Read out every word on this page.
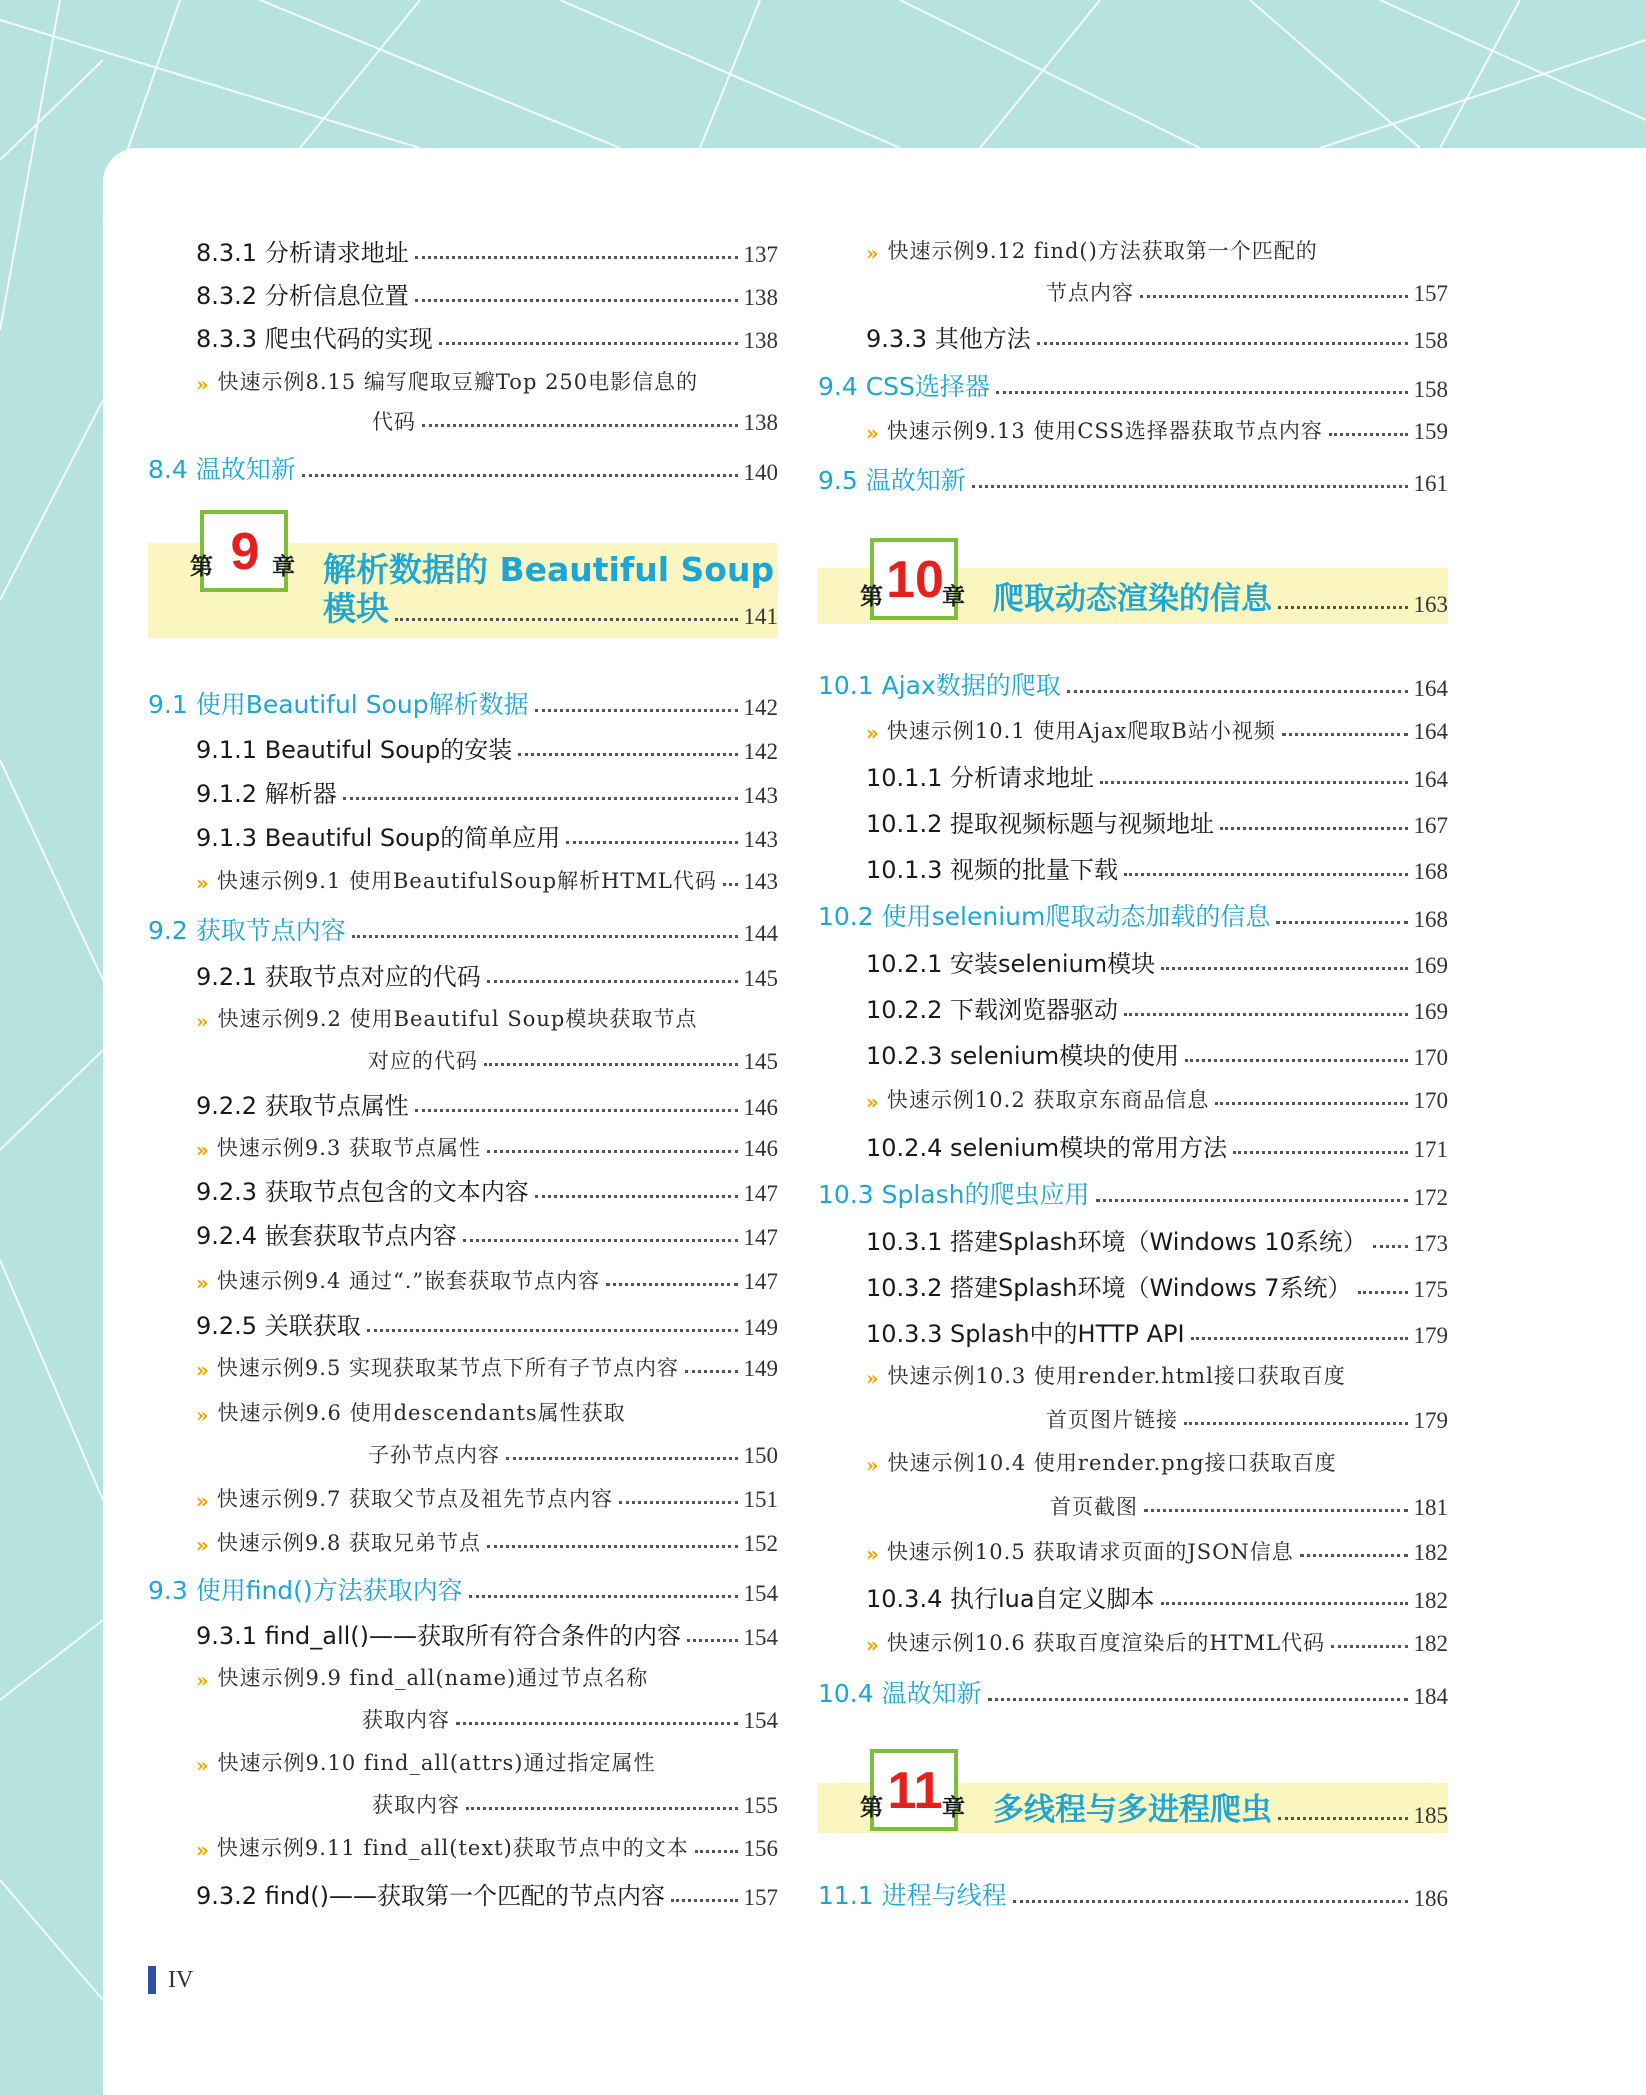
8.3.1 分析请求地址	137
8.3.2 分析信息位置	138
8.3.3 爬虫代码的实现	138
» 快速示例8.15 编写爬取豆瓣Top 250电影信息的
代码	138
8.4 温故知新	140
第 9 章 解析数据的 Beautiful Soup
模块	141
9.1 使用Beautiful Soup解析数据	142
9.1.1 Beautiful Soup的安装	142
9.1.2 解析器	143
9.1.3 Beautiful Soup的简单应用	143
» 快速示例9.1 使用BeautifulSoup解析HTML代码 143
9.2 获取节点内容	144
9.2.1 获取节点对应的代码	145
» 快速示例9.2 使用Beautiful Soup模块获取节点
对应的代码	145
9.2.2 获取节点属性	146
» 快速示例9.3 获取节点属性	146
9.2.3 获取节点包含的文本内容	147
9.2.4 嵌套获取节点内容	147
» 快速示例9.4 通过“.”嵌套获取节点内容	147
9.2.5 关联获取	149
» 快速示例9.5 实现获取某节点下所有子节点内容	149
» 快速示例9.6 使用descendants属性获取
子孙节点内容	150
» 快速示例9.7 获取父节点及祖先节点内容	151
» 快速示例9.8 获取兄弟节点	152
9.3 使用find()方法获取内容	154
9.3.1 find_all()——获取所有符合条件的内容	154
» 快速示例9.9 find_all(name)通过节点名称
获取内容	154
» 快速示例9.10 find_all(attrs)通过指定属性
获取内容	155
» 快速示例9.11 find_all(text)获取节点中的文本 156
9.3.2 find()——获取第一个匹配的节点内容	157
» 快速示例9.12 find()方法获取第一个匹配的
节点内容	157
9.3.3 其他方法	158
9.4 CSS选择器	158
» 快速示例9.13 使用CSS选择器获取节点内容	159
9.5 温故知新	161
第 10
章 爬取动态渲染的信息	163
10.1 Ajax数据的爬取	164
» 快速示例10.1 使用Ajax爬取B站小视频	164
10.1.1 分析请求地址	164
10.1.2 提取视频标题与视频地址	167
10.1.3 视频的批量下载	168
10.2 使用selenium爬取动态加载的信息	168
10.2.1 安装selenium模块	169
10.2.2 下载浏览器驱动	169
10.2.3 selenium模块的使用	170
» 快速示例10.2 获取京东商品信息	170
10.2.4 selenium模块的常用方法	171
10.3 Splash的爬虫应用	172
10.3.1 搭建Splash环境（Windows 10系统） 173
10.3.2 搭建Splash环境（Windows 7系统）	175
10.3.3 Splash中的HTTP API	179
» 快速示例10.3 使用render.html接口获取百度
首页图片链接	179
» 快速示例10.4 使用render.png接口获取百度
首页截图	181
» 快速示例10.5 获取请求页面的JSON信息	182
10.3.4 执行lua自定义脚本	182
» 快速示例10.6 获取百度渲染后的HTML代码	182
10.4 温故知新	184
第 11 章 多线程与多进程爬虫	185
11.1 进程与线程	186
IV
